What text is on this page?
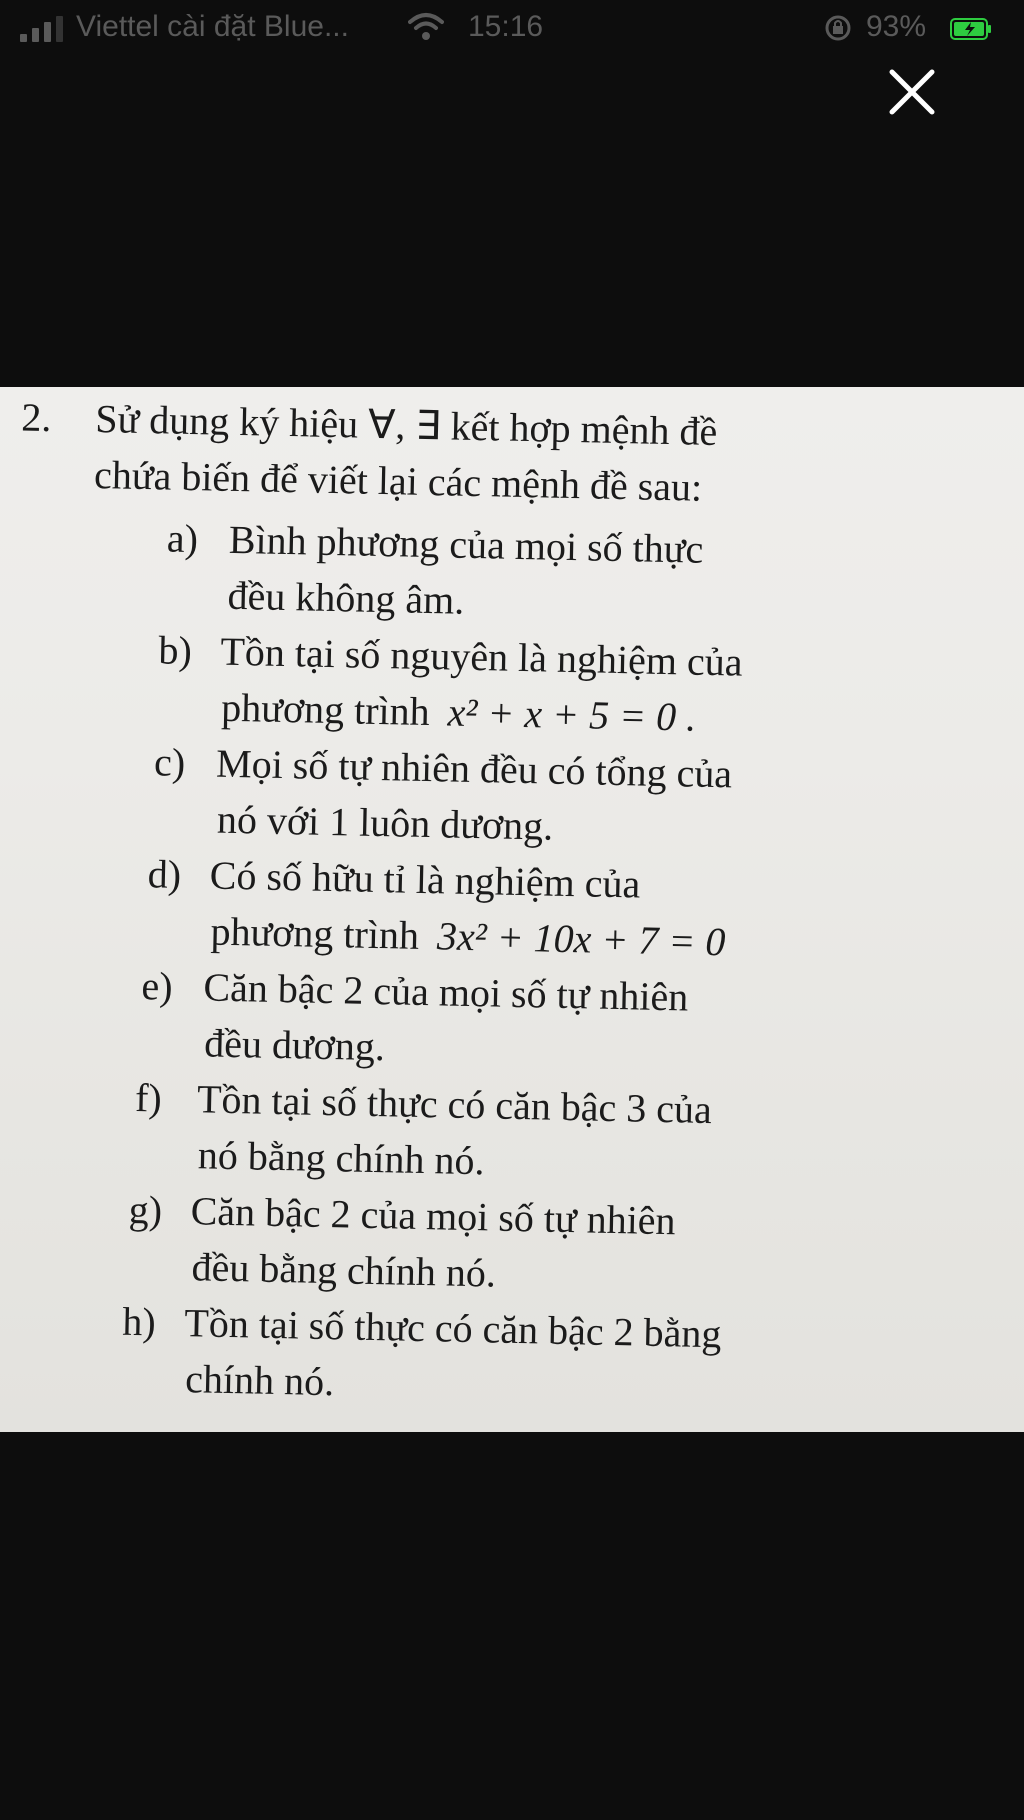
Viettel cài đặt Blue...	15:16	93%
2. Sử dụng ký hiệu ∀, ∃ kết hợp mệnh đề
chứa biến để viết lại các mệnh đề sau:
a) Bình phương của mọi số thực
đều không âm.
b) Tồn tại số nguyên là nghiệm của
phương trình x² + x + 5 = 0 .
c) Mọi số tự nhiên đều có tổng của
nó với 1 luôn dương.
d) Có số hữu tỉ là nghiệm của
phương trình 3x² + 10x + 7 = 0
e) Căn bậc 2 của mọi số tự nhiên
đều dương.
f) Tồn tại số thực có căn bậc 3 của
nó bằng chính nó.
g) Căn bậc 2 của mọi số tự nhiên
đều bằng chính nó.
h) Tồn tại số thực có căn bậc 2 bằng
chính nó.
